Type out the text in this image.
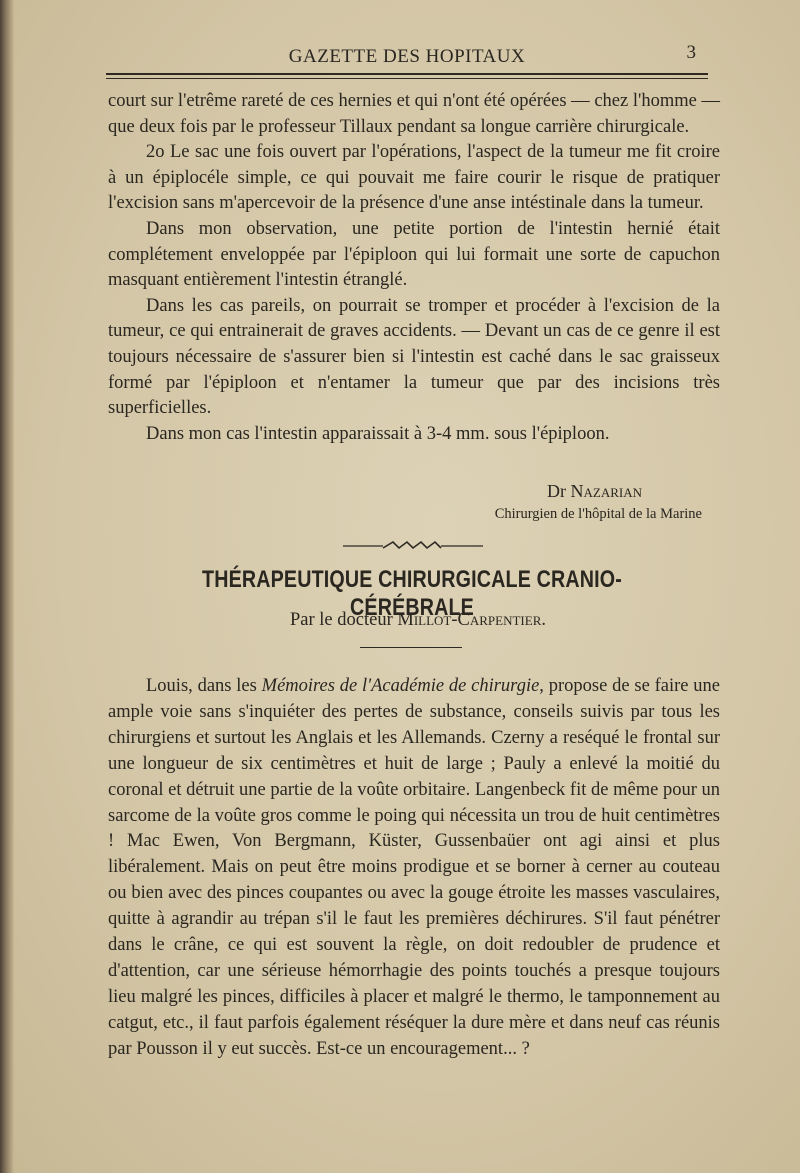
GAZETTE DES HOPITAUX	3

court sur l'etrême rareté de ces hernies et qui n'ont été opérées — chez l'homme — que deux fois par le professeur Tillaux pendant sa longue carrière chirurgicale.

2o Le sac une fois ouvert par l'opérations, l'aspect de la tumeur me fit croire à un épiplocéle simple, ce qui pouvait me faire courir le risque de pratiquer l'excision sans m'apercevoir de la présence d'une anse intéstinale dans la tumeur.

Dans mon observation, une petite portion de l'intestin hernié était complétement enveloppée par l'épiploon qui lui formait une sorte de capuchon masquant entièrement l'intestin étranglé.

Dans les cas pareils, on pourrait se tromper et procéder à l'excision de la tumeur, ce qui entrainerait de graves accidents. — Devant un cas de ce genre il est toujours nécessaire de s'assurer bien si l'intestin est caché dans le sac graisseux formé par l'épiploon et n'entamer la tumeur que par des incisions très superficielles.

Dans mon cas l'intestin apparaissait à 3-4 mm. sous l'épiploon.

Dr Nazarian
Chirurgien de l'hôpital de la Marine
THÉRAPEUTIQUE CHIRURGICALE CRANIO-CÉRÉBRALE
Par le docteur Millot-Carpentier.

Louis, dans les Mémoires de l'Académie de chirurgie, propose de se faire une ample voie sans s'inquiéter des pertes de substance, conseils suivis par tous les chirurgiens et surtout les Anglais et les Allemands. Czerny a reséqué le frontal sur une longueur de six centimètres et huit de large ; Pauly a enlevé la moitié du coronal et détruit une partie de la voûte orbitaire. Langenbeck fit de même pour un sarcome de la voûte gros comme le poing qui nécessita un trou de huit centimètres ! Mac Ewen, Von Bergmann, Küster, Gussenbaüer ont agi ainsi et plus libéralement. Mais on peut être moins prodigue et se borner à cerner au couteau ou bien avec des pinces coupantes ou avec la gouge étroite les masses vasculaires, quitte à agrandir au trépan s'il le faut les premières déchirures. S'il faut pénétrer dans le crâne, ce qui est souvent la règle, on doit redoubler de prudence et d'attention, car une sérieuse hémorrhagie des points touchés a presque toujours lieu malgré les pinces, difficiles à placer et malgré le thermo, le tamponnement au catgut, etc., il faut parfois également réséquer la dure mère et dans neuf cas réunis par Pousson il y eut succès. Est-ce un encouragement... ?
